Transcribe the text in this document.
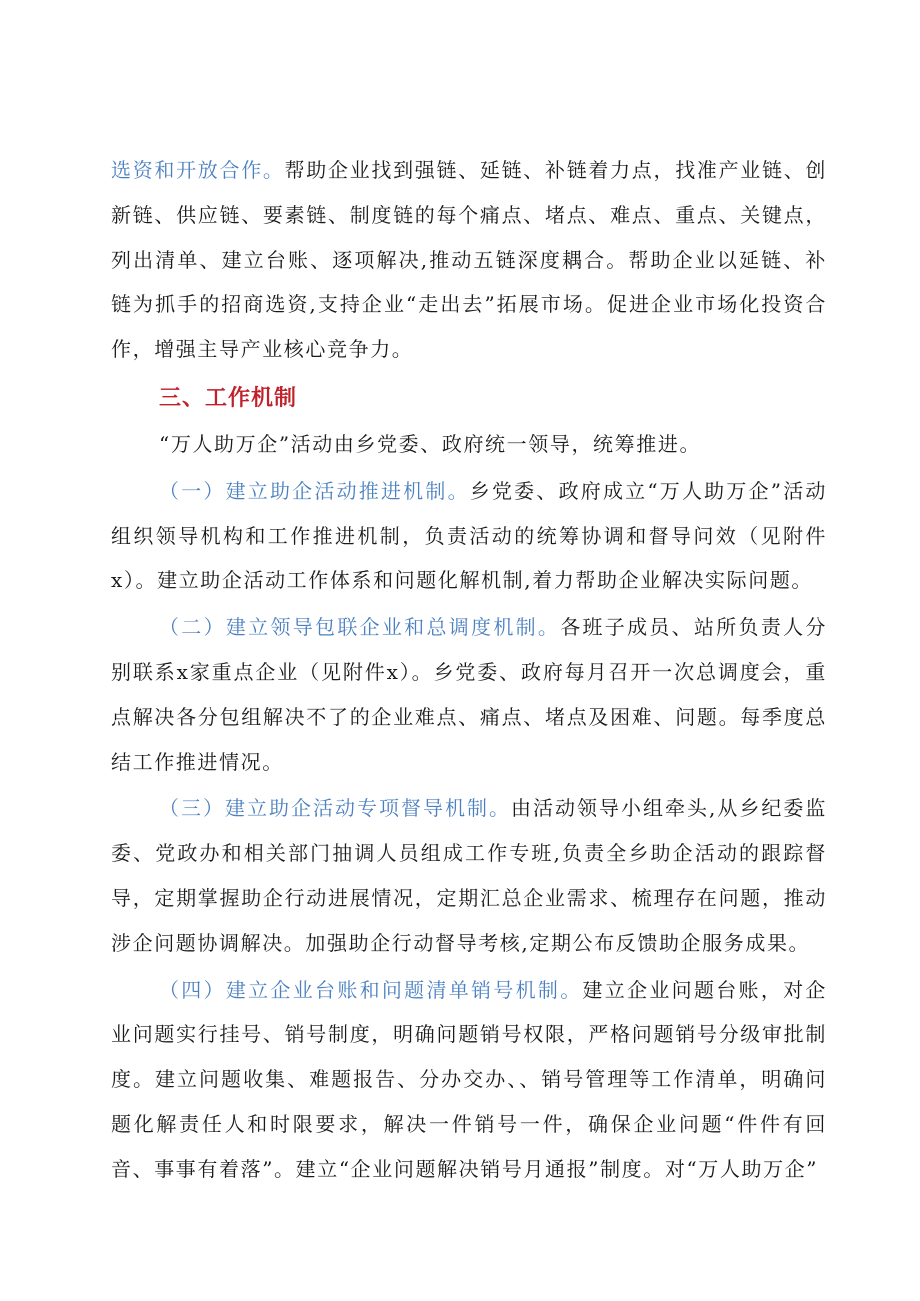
选资和开放合作。帮助企业找到强链、延链、补链着力点，找准产业链、创新链、供应链、要素链、制度链的每个痛点、堵点、难点、重点、关键点，列出清单、建立台账、逐项解决,推动五链深度耦合。帮助企业以延链、补链为抓手的招商选资,支持企业“走出去”拓展市场。促进企业市场化投资合作，增强主导产业核心竞争力。

三、工作机制

“万人助万企”活动由乡党委、政府统一领导，统筹推进。

（一）建立助企活动推进机制。乡党委、政府成立“万人助万企”活动组织领导机构和工作推进机制，负责活动的统筹协调和督导问效（见附件x）。建立助企活动工作体系和问题化解机制,着力帮助企业解决实际问题。

（二）建立领导包联企业和总调度机制。各班子成员、站所负责人分别联系x家重点企业（见附件x）。乡党委、政府每月召开一次总调度会，重点解决各分包组解决不了的企业难点、痛点、堵点及困难、问题。每季度总结工作推进情况。

（三）建立助企活动专项督导机制。由活动领导小组牵头,从乡纪委监委、党政办和相关部门抽调人员组成工作专班,负责全乡助企活动的跟踪督导，定期掌握助企行动进展情况，定期汇总企业需求、梳理存在问题，推动涉企问题协调解决。加强助企行动督导考核,定期公布反馈助企服务成果。

（四）建立企业台账和问题清单销号机制。建立企业问题台账，对企业问题实行挂号、销号制度，明确问题销号权限，严格问题销号分级审批制度。建立问题收集、难题报告、分办交办、、销号管理等工作清单，明确问题化解责任人和时限要求，解决一件销号一件，确保企业问题“件件有回音、事事有着落”。建立“企业问题解决销号月通报”制度。对“万人助万企”
